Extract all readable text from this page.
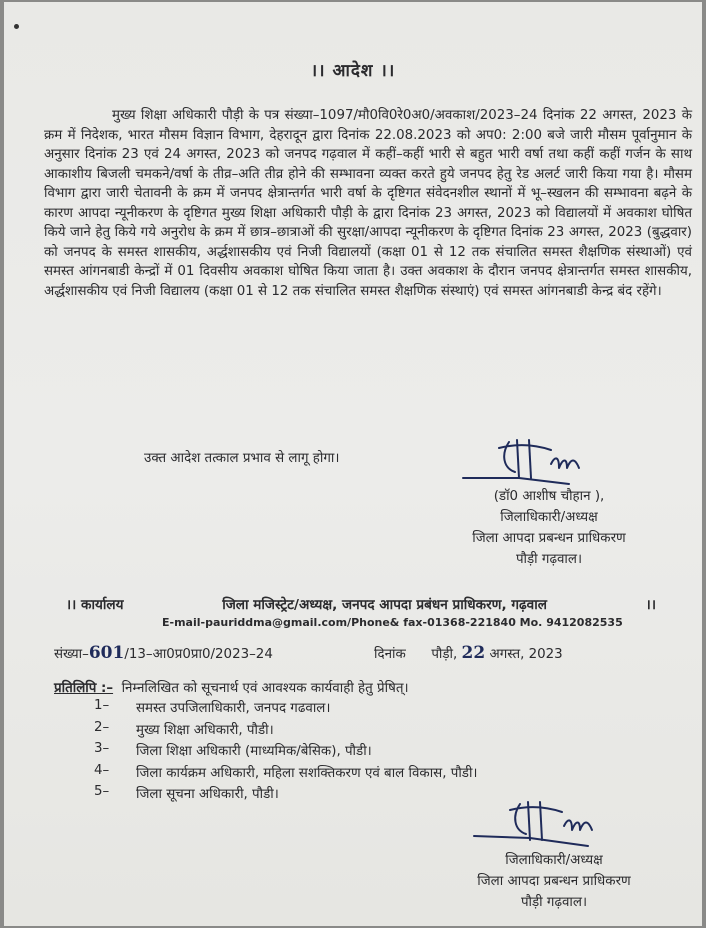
।। आदेश ।।
मुख्य शिक्षा अधिकारी पौड़ी के पत्र संख्या–1097/मौ0वि0रे0अ0/अवकाश/2023–24 दिनांक 22 अगस्त, 2023 के क्रम में निदेशक, भारत मौसम विज्ञान विभाग, देहरादून द्वारा दिनांक 22.08.2023 को अप0: 2:00 बजे जारी मौसम पूर्वानुमान के अनुसार दिनांक 23 एवं 24 अगस्त, 2023 को जनपद गढ़वाल में कहीं–कहीं भारी से बहुत भारी वर्षा तथा कहीं कहीं गर्जन के साथ आकाशीय बिजली चमकने/वर्षा के तीव्र–अति तीव्र होने की सम्भावना व्यक्त करते हुये जनपद हेतु रेड अलर्ट जारी किया गया है। मौसम विभाग द्वारा जारी चेतावनी के क्रम में जनपद क्षेत्रान्तर्गत भारी वर्षा के दृष्टिगत संवेदनशील स्थानों में भू–स्खलन की सम्भावना बढ़ने के कारण आपदा न्यूनीकरण के दृष्टिगत मुख्य शिक्षा अधिकारी पौड़ी के द्वारा दिनांक 23 अगस्त, 2023 को विद्यालयों में अवकाश घोषित किये जाने हेतु किये गये अनुरोध के क्रम में छात्र–छात्राओं की सुरक्षा/आपदा न्यूनीकरण के दृष्टिगत दिनांक 23 अगस्त, 2023 (बुद्धवार) को जनपद के समस्त शासकीय, अर्द्धशासकीय एवं निजी विद्यालयों (कक्षा 01 से 12 तक संचालित समस्त शैक्षणिक संस्थाओं) एवं समस्त आंगनबाडी केन्द्रों में 01 दिवसीय अवकाश घोषित किया जाता है। उक्त अवकाश के दौरान जनपद क्षेत्रान्तर्गत समस्त शासकीय, अर्द्धशासकीय एवं निजी विद्यालय (कक्षा 01 से 12 तक संचालित समस्त शैक्षणिक संस्थाएं) एवं समस्त आंगनबाडी केन्द्र बंद रहेंगे।
उक्त आदेश तत्काल प्रभाव से लागू होगा।
(डॉ0 आशीष चौहान ),
जिलाधिकारी/अध्यक्ष
जिला आपदा प्रबन्धन प्राधिकरण
पौड़ी गढ़वाल।
।। कार्यालय	जिला मजिस्ट्रेट/अध्यक्ष, जनपद आपदा प्रबंधन प्राधिकरण, गढ़वाल	।।
E-mail-pauriddma@gmail.com/Phone& fax-01368-221840 Mo. 9412082535
संख्या–601/13–आ0प्र0प्रा0/2023–24	दिनांक पौड़ी, 22 अगस्त, 2023
प्रतिलिपि :– निम्नलिखित को सूचनार्थ एवं आवश्यक कार्यवाही हेतु प्रेषित्।
1–	समस्त उपजिलाधिकारी, जनपद गढवाल।
2–	मुख्य शिक्षा अधिकारी, पौडी।
3–	जिला शिक्षा अधिकारी (माध्यमिक/बेसिक), पौडी।
4–	जिला कार्यक्रम अधिकारी, महिला सशक्तिकरण एवं बाल विकास, पौडी।
5–	जिला सूचना अधिकारी, पौडी।
जिलाधिकारी/अध्यक्ष
जिला आपदा प्रबन्धन प्राधिकरण
पौड़ी गढ़वाल।
